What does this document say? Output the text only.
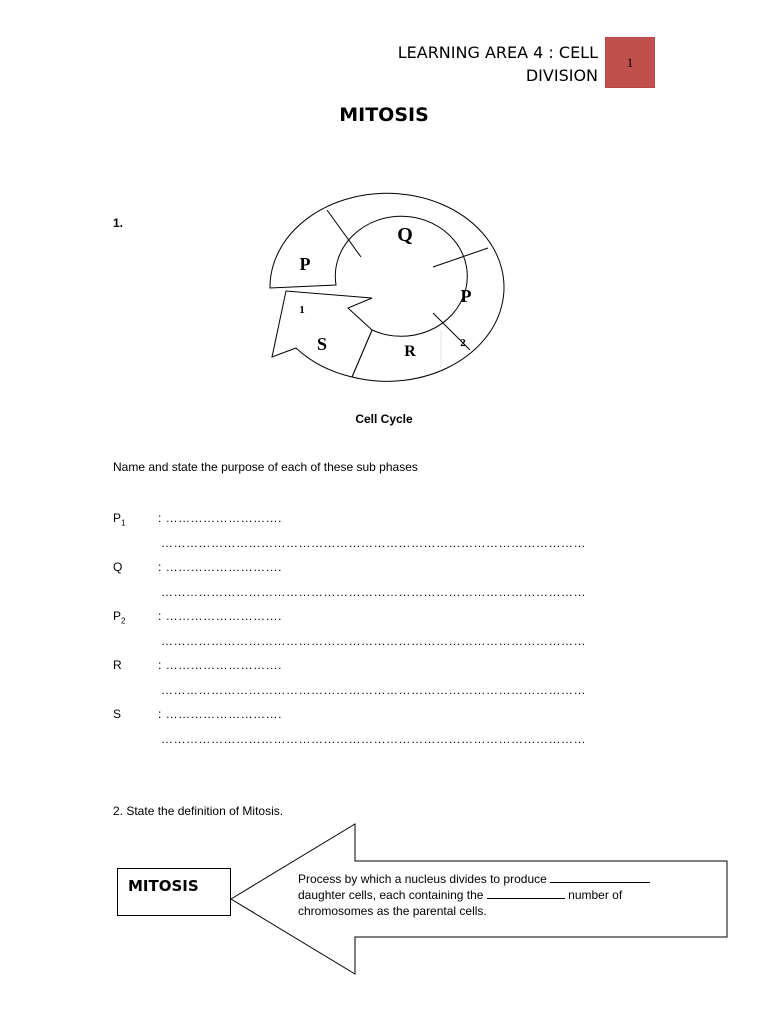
LEARNING AREA 4 : CELL
DIVISION
1
MITOSIS
1.
Q
P
1
P
2
S	R
Cell Cycle
Name and state the purpose of each of these sub phases
$P_1$	: ……………………….
…………………………………………………………………………………………
Q	: ……………………….
…………………………………………………………………………………………
$P_2$	: ……………………….
…………………………………………………………………………………………
R	: ……………………….
…………………………………………………………………………………………
S	: ……………………….
…………………………………………………………………………………………
2. State the definition of Mitosis.
MITOSIS	Process by which a nucleus divides to produce
daughter cells, each containing the	number of
chromosomes as the parental cells.
